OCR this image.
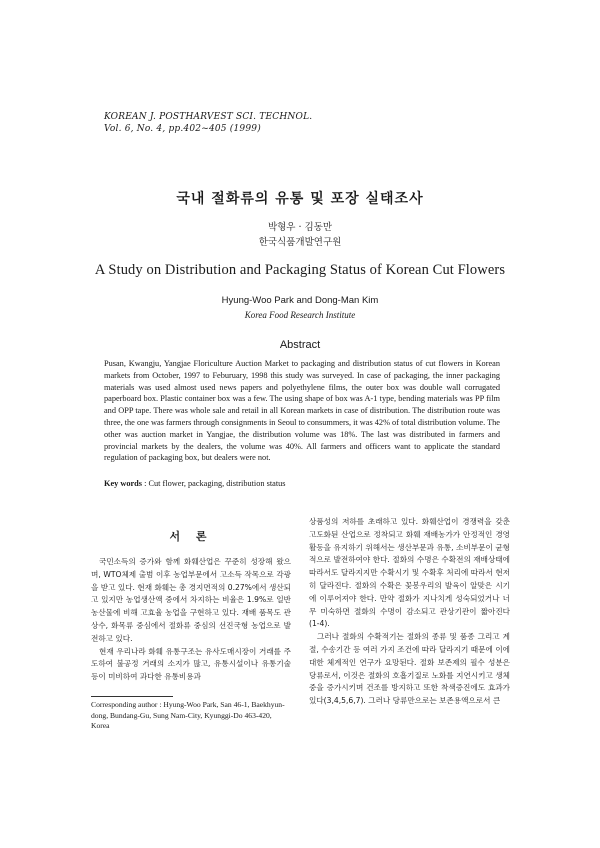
KOREAN J. POSTHARVEST SCI. TECHNOL.
Vol. 6, No. 4, pp.402~405 (1999)
국내 절화류의 유통 및 포장 실태조사
박형우 · 김동만
한국식품개발연구원
A Study on Distribution and Packaging Status of Korean Cut Flowers
Hyung-Woo Park and Dong-Man Kim
Korea Food Research Institute
Abstract
Pusan, Kwangju, Yangjae Floriculture Auction Market to packaging and distribution status of cut flowers in Korean markets from October, 1997 to Feburuary, 1998 this study was surveyed. In case of packaging, the inner packaging materials was used almost used news papers and polyethylene films, the outer box was double wall corrugated paperboard box. Plastic container box was a few. The using shape of box was A-1 type, bending materials was PP film and OPP tape. There was whole sale and retail in all Korean markets in case of distribution. The distribution route was three, the one was farmers through consignments in Seoul to consummers, it was 42% of total distribution volume. The other was auction market in Yangjae, the distribution volume was 18%. The last was distributed in farmers and provincial markets by the dealers, the volume was 40%. All farmers and officers want to applicate the standard regulation of packaging box, but dealers were not.
Key words : Cut flower, packaging, distribution status
서 론

국민소득의 증가와 함께 화훼산업은 꾸준히 성장해 왔으며, WTO체제 출범 이후 농업부문에서 고소득 작목으로 각광을 받고 있다. 현재 화훼는 총 경지면적의 0.27%에서 생산되고 있지만 농업생산액 중에서 차지하는 비율은 1.9%로 일반 농산물에 비해 고효율 농업을 구현하고 있다. 재배 품목도 관상수, 화목류 중심에서 절화류 중심의 선진국형 농업으로 발전하고 있다.

현재 우리나라 화훼 유통구조는 유사도매시장이 거래를 주도하여 불공정 거래의 소지가 많고, 유통시설이나 유통기술 등이 미비하여 과다한 유통비용과

상품성의 저하를 초래하고 있다. 화훼산업이 경쟁력을 갖춘 고도화된 산업으로 정착되고 화훼 재배농가가 안정적인 경영활동을 유지하기 위해서는 생산부문과 유통, 소비부문이 균형적으로 발전하여야 한다. 절화의 수명은 수확전의 재배상태에 따라서도 달라지지만 수확시기 및 수확후 처리에 따라서 현저히 달라진다. 절화의 수확은 꽃봉우리의 발육이 알맞은 시기에 이루어져야 한다. 만약 절화가 지나치게 성숙되었거나 너무 미숙하면 절화의 수명이 감소되고 관상기관이 짧아진다(1-4).

그러나 절화의 수확적기는 절화의 종류 및 품종 그리고 계절, 수송기간 등 여러 가지 조건에 따라 달라지기 때문에 이에 대한 체계적인 연구가 요망된다. 절화 보존제의 필수 성분은 당류로서, 이것은 절화의 호흡기질로 노화를 지연시키고 생체중을 증가시키며 건조를 방지하고 또한 착색증진에도 효과가 있다(3,4,5,6,7). 그러나 당류만으로는 보존용액으로서 큰

Corresponding author : Hyung-Woo Park, San 46-1, Baekhyun-dong, Bundang-Gu, Sung Nam-City, Kyunggi-Do 463-420, Korea
